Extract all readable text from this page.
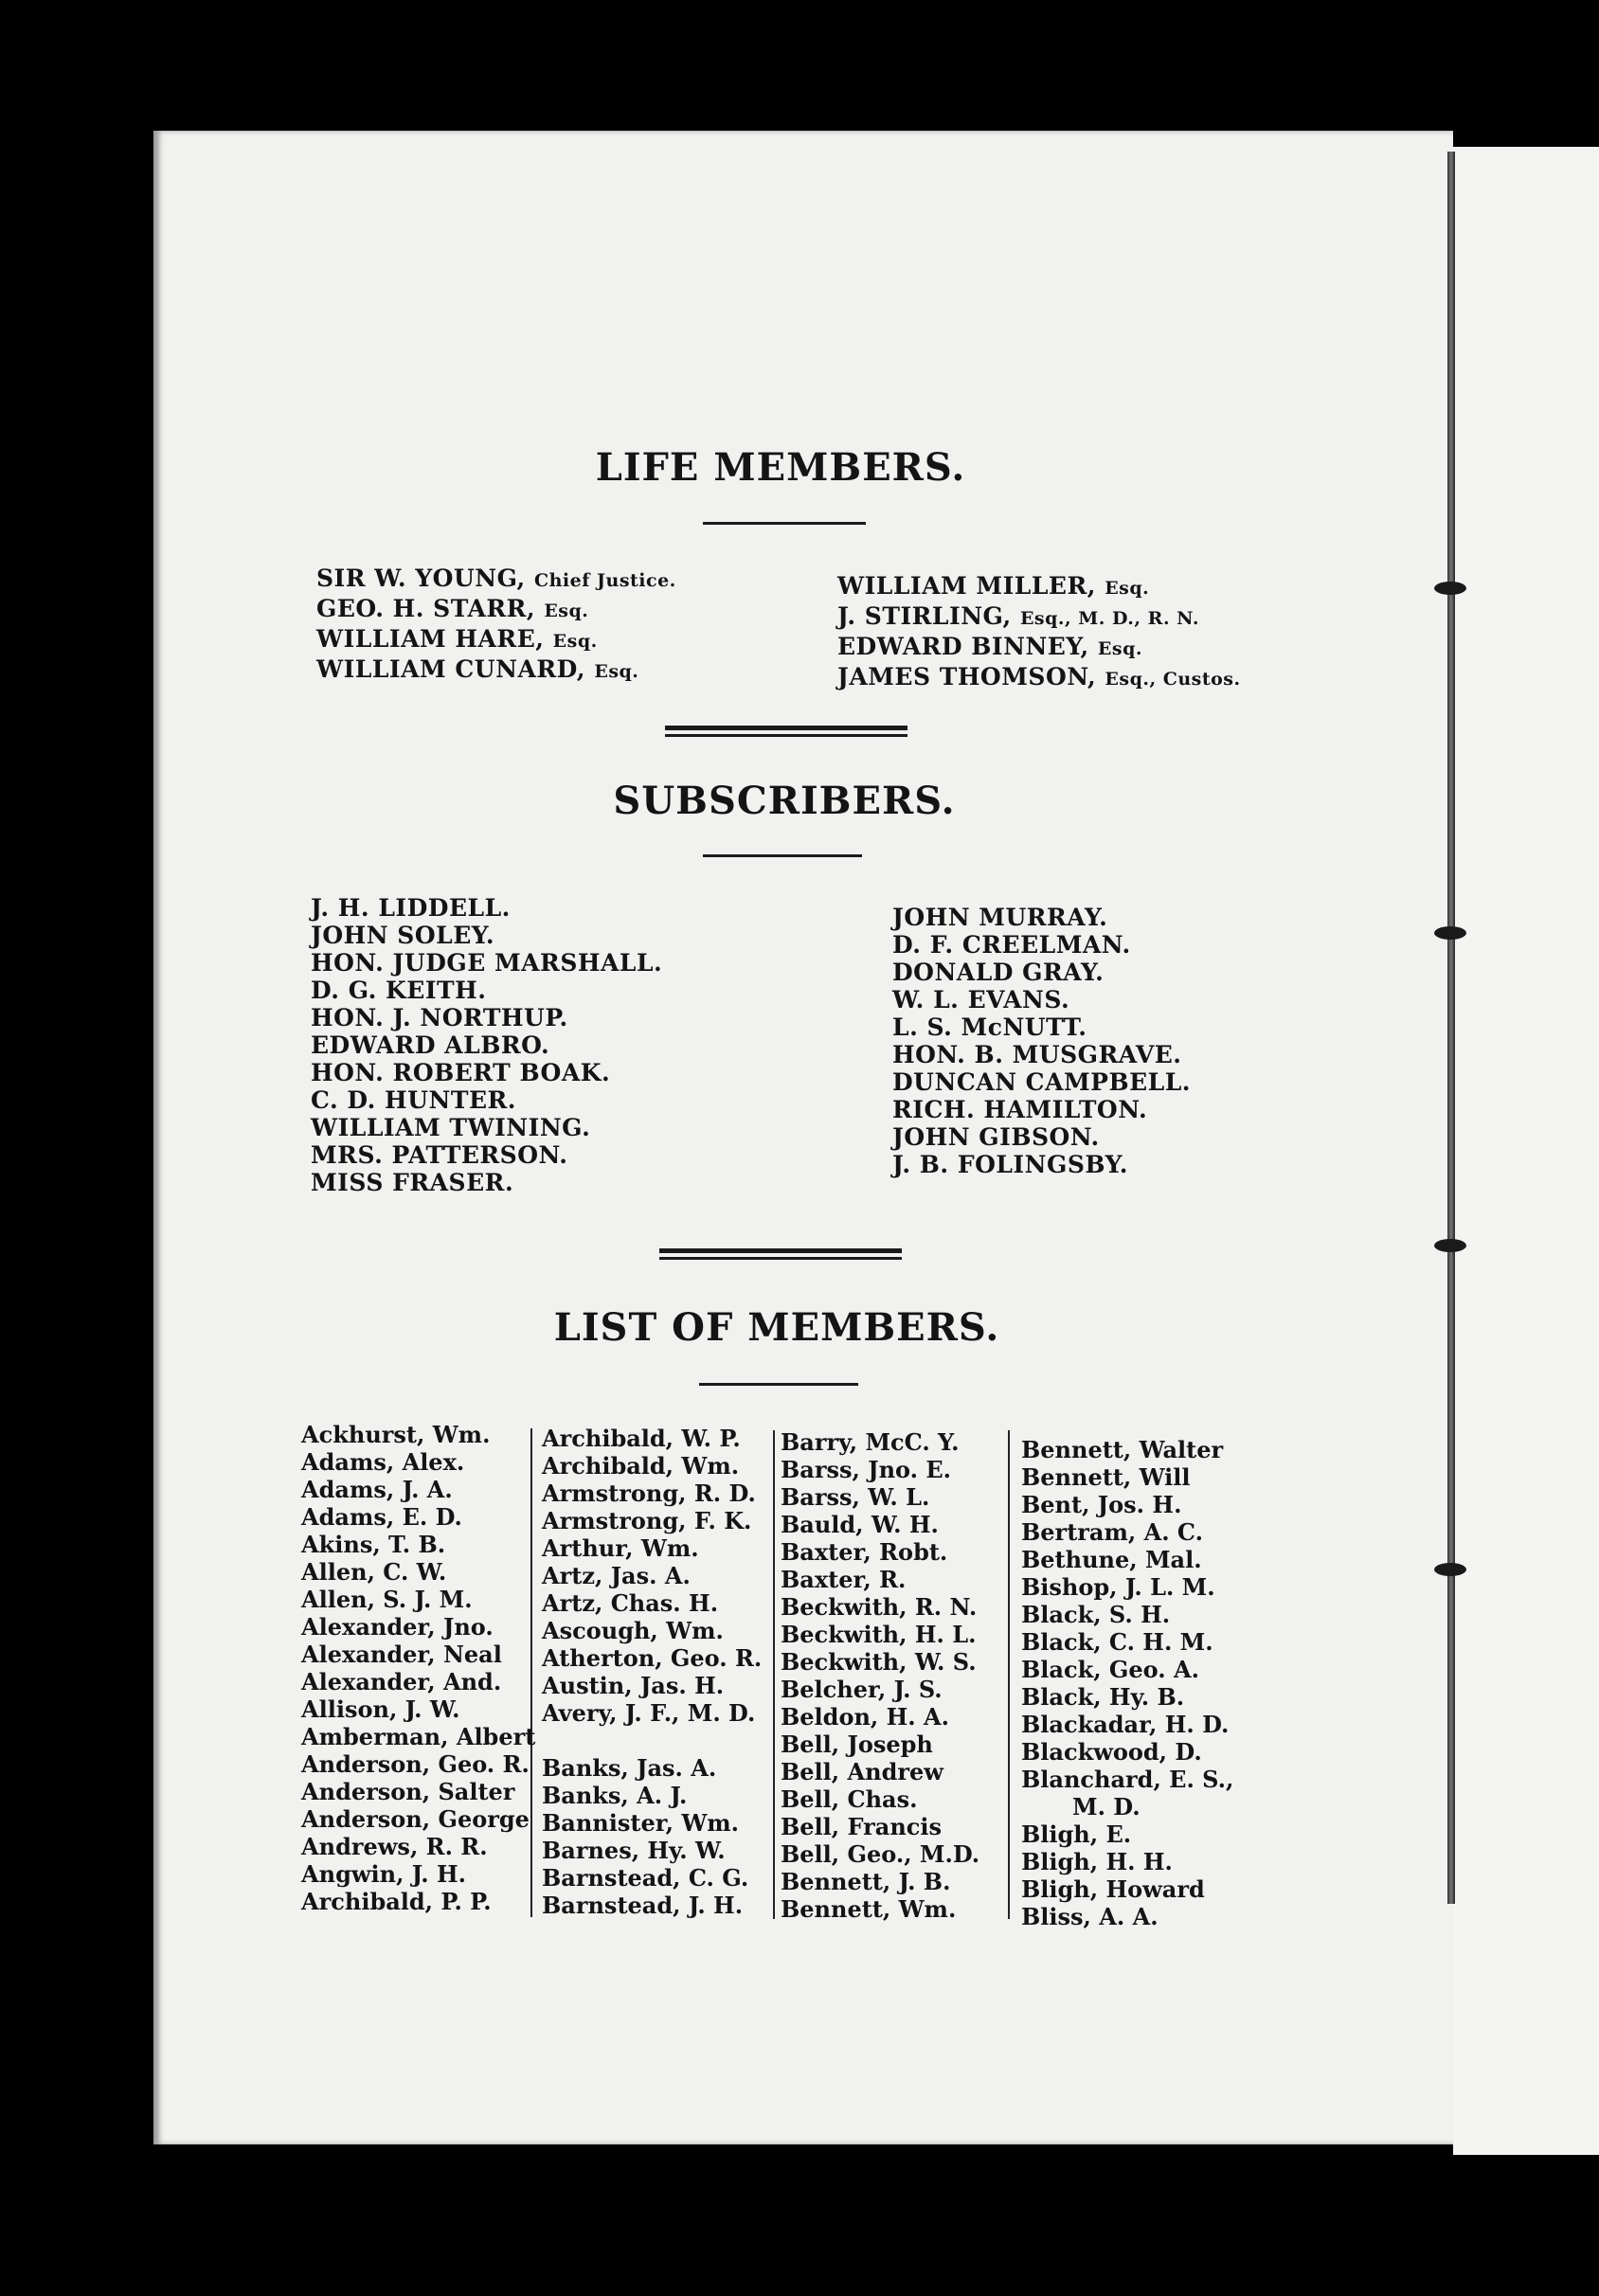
LIFE MEMBERS.
SIR W. YOUNG, Chief Justice.
GEO. H. STARR, Esq.
WILLIAM HARE, Esq.
WILLIAM CUNARD, Esq.
WILLIAM MILLER, Esq.
J. STIRLING, Esq., M. D., R. N.
EDWARD BINNEY, Esq.
JAMES THOMSON, Esq., Custos.
SUBSCRIBERS.
J. H. LIDDELL.
JOHN SOLEY.
HON. JUDGE MARSHALL.
D. G. KEITH.
HON. J. NORTHUP.
EDWARD ALBRO.
HON. ROBERT BOAK.
C. D. HUNTER.
WILLIAM TWINING.
MRS. PATTERSON.
MISS FRASER.
JOHN MURRAY.
D. F. CREELMAN.
DONALD GRAY.
W. L. EVANS.
L. S. McNUTT.
HON. B. MUSGRAVE.
DUNCAN CAMPBELL.
RICH. HAMILTON.
JOHN GIBSON.
J. B. FOLINGSBY.
LIST OF MEMBERS.
Ackhurst, Wm.
Adams, Alex.
Adams, J. A.
Adams, E. D.
Akins, T. B.
Allen, C. W.
Allen, S. J. M.
Alexander, Jno.
Alexander, Neal
Alexander, And.
Allison, J. W.
Amberman, Albert
Anderson, Geo. R.
Anderson, Salter
Anderson, George
Andrews, R. R.
Angwin, J. H.
Archibald, P. P.
Archibald, W. P.
Archibald, Wm.
Armstrong, R. D.
Armstrong, F. K.
Arthur, Wm.
Artz, Jas. A.
Artz, Chas. H.
Ascough, Wm.
Atherton, Geo. R.
Austin, Jas. H.
Avery, J. F., M. D.

Banks, Jas. A.
Banks, A. J.
Bannister, Wm.
Barnes, Hy. W.
Barnstead, C. G.
Barnstead, J. H.
Barry, McC. Y.
Barss, Jno. E.
Barss, W. L.
Bauld, W. H.
Baxter, Robt.
Baxter, R.
Beckwith, R. N.
Beckwith, H. L.
Beckwith, W. S.
Belcher, J. S.
Beldon, H. A.
Bell, Joseph
Bell, Andrew
Bell, Chas.
Bell, Francis
Bell, Geo., M.D.
Bennett, J. B.
Bennett, Wm.
Bennett, Walter
Bennett, Will
Bent, Jos. H.
Bertram, A. C.
Bethune, Mal.
Bishop, J. L. M.
Black, S. H.
Black, C. H. M.
Black, Geo. A.
Black, Hy. B.
Blackadar, H. D.
Blackwood, D.
Blanchard, E. S.,
M. D.
Bligh, E.
Bligh, H. H.
Bligh, Howard
Bliss, A. A.
